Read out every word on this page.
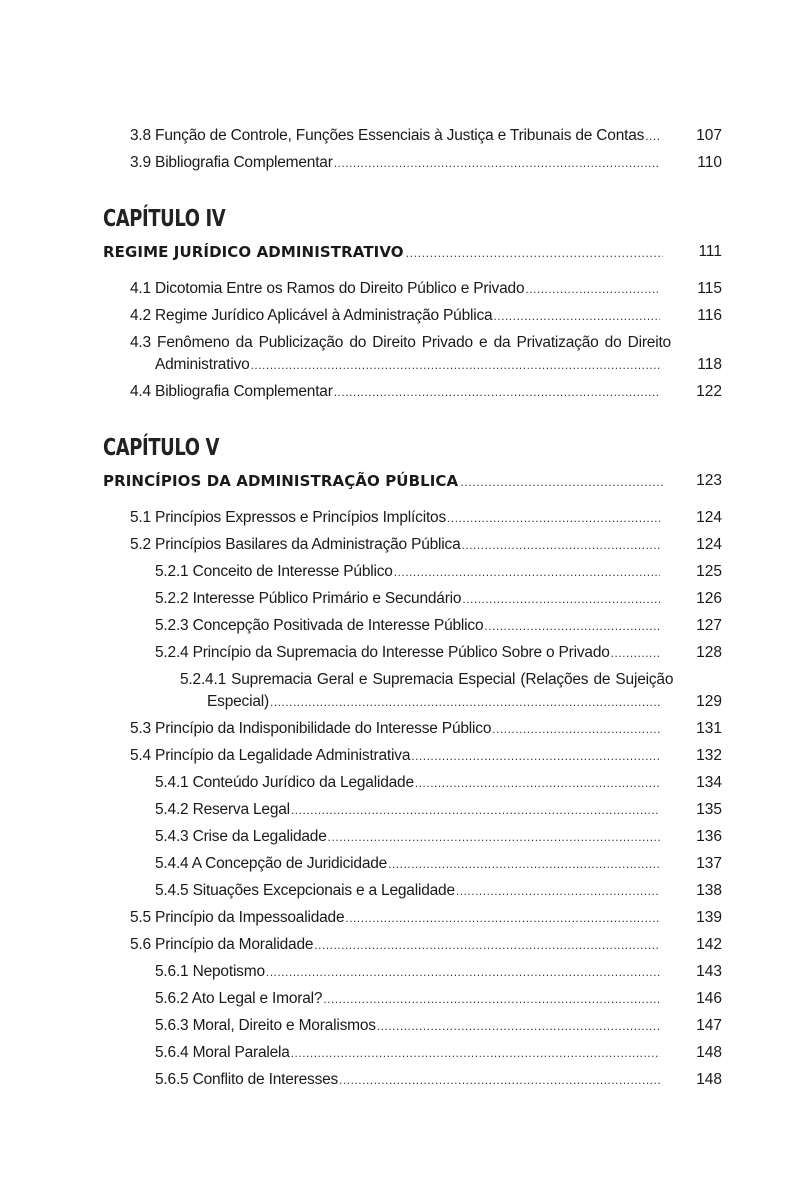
3.8 Função de Controle, Funções Essenciais à Justiça e Tribunais de Contas .....	107
3.9 Bibliografia Complementar .....	110
CAPÍTULO IV
REGIME JURÍDICO ADMINISTRATIVO .....	111
4.1 Dicotomia Entre os Ramos do Direito Público e Privado .....	115
4.2 Regime Jurídico Aplicável à Administração Pública .....	116
4.3 Fenômeno da Publicização do Direito Privado e da Privatização do Direito
Administrativo .....	118
4.4 Bibliografia Complementar .....	122
CAPÍTULO V
PRINCÍPIOS DA ADMINISTRAÇÃO PÚBLICA .....	123
5.1 Princípios Expressos e Princípios Implícitos .....	124
5.2 Princípios Basilares da Administração Pública .....	124
5.2.1 Conceito de Interesse Público .....	125
5.2.2 Interesse Público Primário e Secundário .....	126
5.2.3 Concepção Positivada de Interesse Público .....	127
5.2.4 Princípio da Supremacia do Interesse Público Sobre o Privado .....	128
5.2.4.1 Supremacia Geral e Supremacia Especial (Relações de Sujeição
Especial) .....	129
5.3 Princípio da Indisponibilidade do Interesse Público .....	131
5.4 Princípio da Legalidade Administrativa .....	132
5.4.1 Conteúdo Jurídico da Legalidade .....	134
5.4.2 Reserva Legal .....	135
5.4.3 Crise da Legalidade .....	136
5.4.4 A Concepção de Juridicidade .....	137
5.4.5 Situações Excepcionais e a Legalidade .....	138
5.5 Princípio da Impessoalidade .....	139
5.6 Princípio da Moralidade .....	142
5.6.1 Nepotismo .....	143
5.6.2 Ato Legal e Imoral? .....	146
5.6.3 Moral, Direito e Moralismos .....	147
5.6.4 Moral Paralela .....	148
5.6.5 Conflito de Interesses .....	148
